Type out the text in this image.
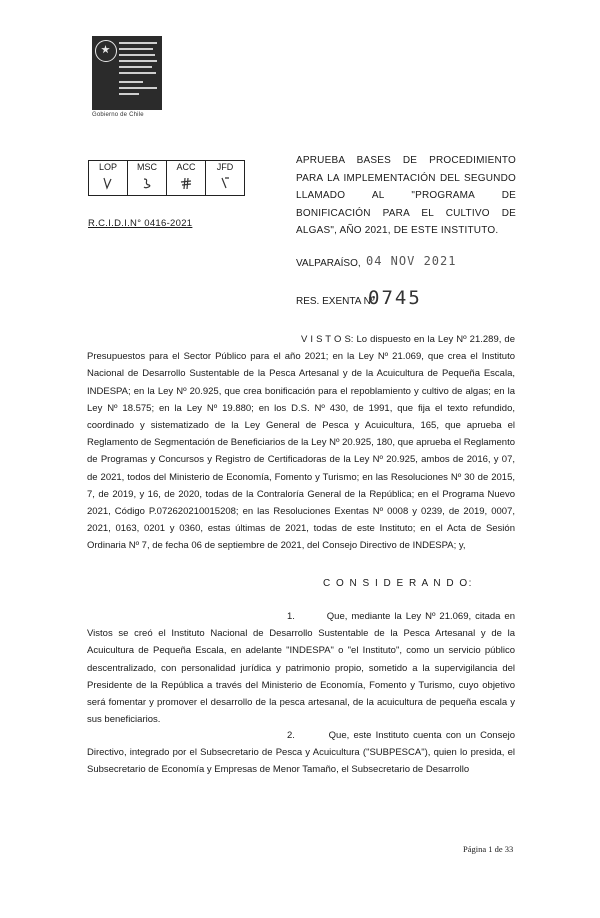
Gobierno de Chile
LOP	MSC	ACC	JFD

R.C.I.D.I.N° 0416-2021
APRUEBA BASES DE PROCEDIMIENTO PARA LA IMPLEMENTACIÓN DEL SEGUNDO LLAMADO AL "PROGRAMA DE BONIFICACIÓN PARA EL CULTIVO DE ALGAS", AÑO 2021, DE ESTE INSTITUTO.
VALPARAÍSO, 04 NOV 2021
RES. EXENTA Nº
0745
V I S T O S: Lo dispuesto en la Ley Nº 21.289, de Presupuestos para el Sector Público para el año 2021; en la Ley Nº 21.069, que crea el Instituto Nacional de Desarrollo Sustentable de la Pesca Artesanal y de la Acuicultura de Pequeña Escala, INDESPA; en la Ley Nº 20.925, que crea bonificación para el repoblamiento y cultivo de algas; en la Ley Nº 18.575; en la Ley Nº 19.880; en los D.S. Nº 430, de 1991, que fija el texto refundido, coordinado y sistematizado de la Ley General de Pesca y Acuicultura, 165, que aprueba el Reglamento de Segmentación de Beneficiarios de la Ley Nº 20.925, 180, que aprueba el Reglamento de Programas y Concursos y Registro de Certificadoras de la Ley Nº 20.925, ambos de 2016, y 07, de 2021, todos del Ministerio de Economía, Fomento y Turismo; en las Resoluciones Nº 30 de 2015, 7, de 2019, y 16, de 2020, todas de la Contraloría General de la República; en el Programa Nuevo 2021, Código P.072620210015208; en las Resoluciones Exentas Nº 0008 y 0239, de 2019, 0007, 2021, 0163, 0201 y 0360, estas últimas de 2021, todas de este Instituto; en el Acta de Sesión Ordinaria Nº 7, de fecha 06 de septiembre de 2021, del Consejo Directivo de INDESPA; y,
C O N S I D E R A N D O:
1.	Que, mediante la Ley Nº 21.069, citada en Vistos se creó el Instituto Nacional de Desarrollo Sustentable de la Pesca Artesanal y de la Acuicultura de Pequeña Escala, en adelante "INDESPA" o "el Instituto", como un servicio público descentralizado, con personalidad jurídica y patrimonio propio, sometido a la supervigilancia del Presidente de la República a través del Ministerio de Economía, Fomento y Turismo, cuyo objetivo será fomentar y promover el desarrollo de la pesca artesanal, de la acuicultura de pequeña escala y sus beneficiarios.
2.	Que, este Instituto cuenta con un Consejo Directivo, integrado por el Subsecretario de Pesca y Acuicultura ("SUBPESCA"), quien lo presida, el Subsecretario de Economía y Empresas de Menor Tamaño, el Subsecretario de Desarrollo
Página 1 de 33
